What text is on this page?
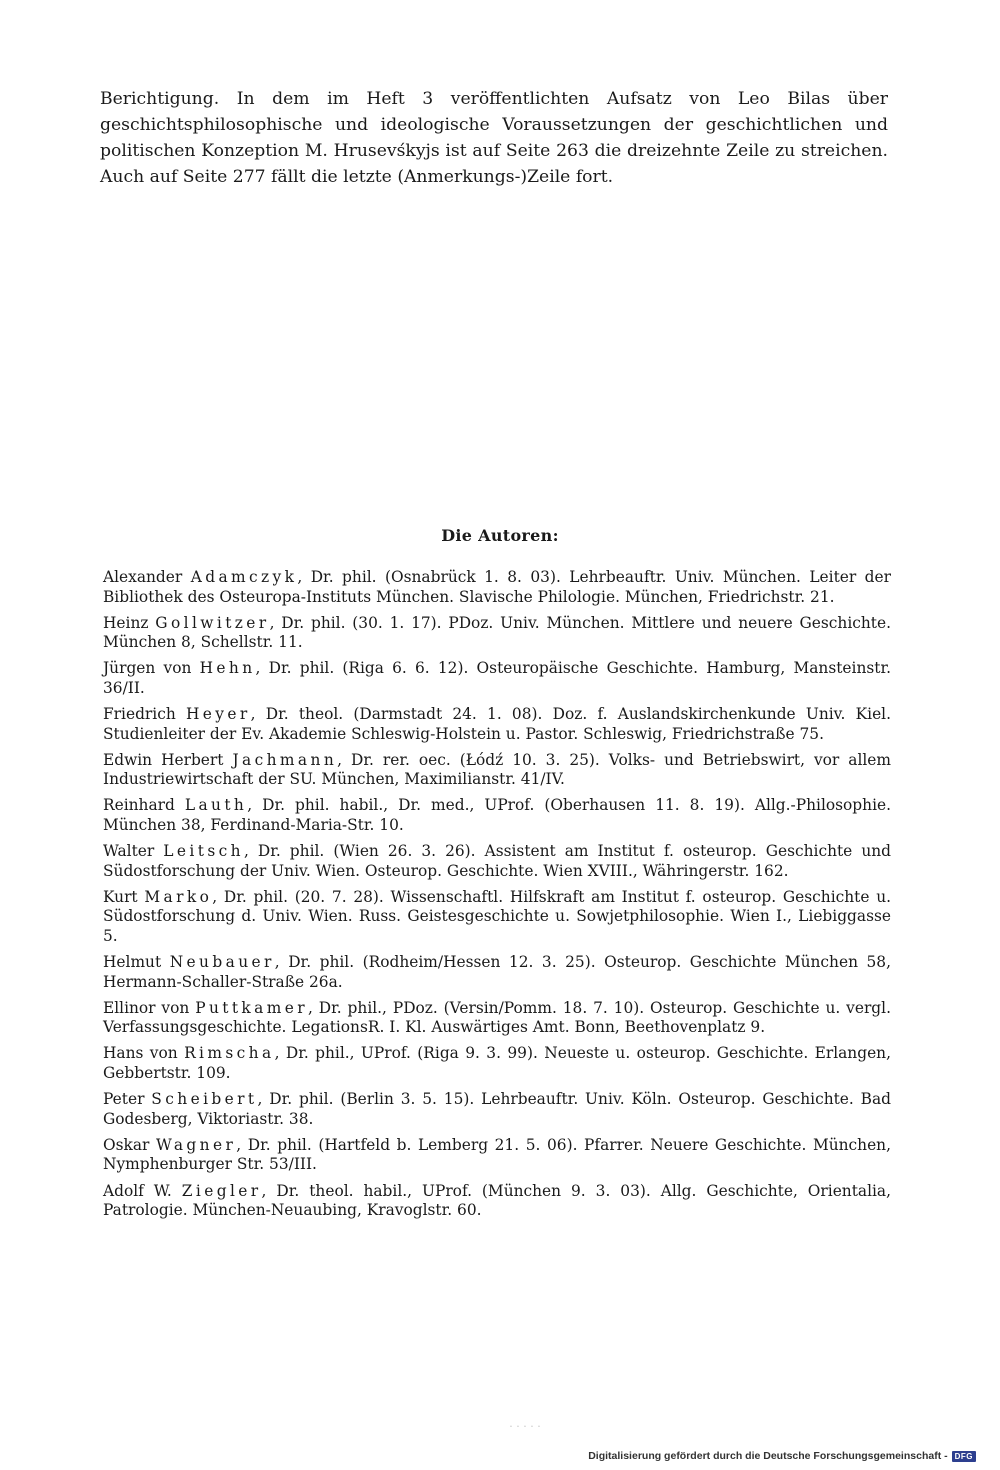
Berichtigung. In dem im Heft 3 veröffentlichten Aufsatz von Leo Bilas über geschichtsphilosophische und ideologische Voraussetzungen der geschichtlichen und politischen Konzeption M. Hrusevśkyjs ist auf Seite 263 die dreizehnte Zeile zu streichen. Auch auf Seite 277 fällt die letzte (Anmerkungs-)Zeile fort.

Die Autoren:

Alexander Adamczyk, Dr. phil. (Osnabrück 1. 8. 03). Lehrbeauftr. Univ. München. Leiter der Bibliothek des Osteuropa-Instituts München. Slavische Philologie. München, Friedrichstr. 21.

Heinz Gollwitzer, Dr. phil. (30. 1. 17). PDoz. Univ. München. Mittlere und neuere Geschichte. München 8, Schellstr. 11.

Jürgen von Hehn, Dr. phil. (Riga 6. 6. 12). Osteuropäische Geschichte. Hamburg, Mansteinstr. 36/II.

Friedrich Heyer, Dr. theol. (Darmstadt 24. 1. 08). Doz. f. Auslandskirchenkunde Univ. Kiel. Studienleiter der Ev. Akademie Schleswig-Holstein u. Pastor. Schleswig, Friedrichstraße 75.

Edwin Herbert Jachmann, Dr. rer. oec. (Łódź 10. 3. 25). Volks- und Betriebswirt, vor allem Industriewirtschaft der SU. München, Maximilianstr. 41/IV.

Reinhard Lauth, Dr. phil. habil., Dr. med., UProf. (Oberhausen 11. 8. 19). Allg.-Philosophie. München 38, Ferdinand-Maria-Str. 10.

Walter Leitsch, Dr. phil. (Wien 26. 3. 26). Assistent am Institut f. osteurop. Geschichte und Südostforschung der Univ. Wien. Osteurop. Geschichte. Wien XVIII., Währingerstr. 162.

Kurt Marko, Dr. phil. (20. 7. 28). Wissenschaftl. Hilfskraft am Institut f. osteurop. Geschichte u. Südostforschung d. Univ. Wien. Russ. Geistesgeschichte u. Sowjetphilosophie. Wien I., Liebiggasse 5.

Helmut Neubauer, Dr. phil. (Rodheim/Hessen 12. 3. 25). Osteurop. Geschichte München 58, Hermann-Schaller-Straße 26a.

Ellinor von Puttkamer, Dr. phil., PDoz. (Versin/Pomm. 18. 7. 10). Osteurop. Geschichte u. vergl. Verfassungsgeschichte. LegationsR. I. Kl. Auswärtiges Amt. Bonn, Beethovenplatz 9.

Hans von Rimscha, Dr. phil., UProf. (Riga 9. 3. 99). Neueste u. osteurop. Geschichte. Erlangen, Gebbertstr. 109.

Peter Scheibert, Dr. phil. (Berlin 3. 5. 15). Lehrbeauftr. Univ. Köln. Osteurop. Geschichte. Bad Godesberg, Viktoriastr. 38.

Oskar Wagner, Dr. phil. (Hartfeld b. Lemberg 21. 5. 06). Pfarrer. Neuere Geschichte. München, Nymphenburger Str. 53/III.

Adolf W. Ziegler, Dr. theol. habil., UProf. (München 9. 3. 03). Allg. Geschichte, Orientalia, Patrologie. München-Neuaubing, Kravoglstr. 60.

· · · · ·
Digitalisierung gefördert durch die Deutsche Forschungsgemeinschaft - DFG
